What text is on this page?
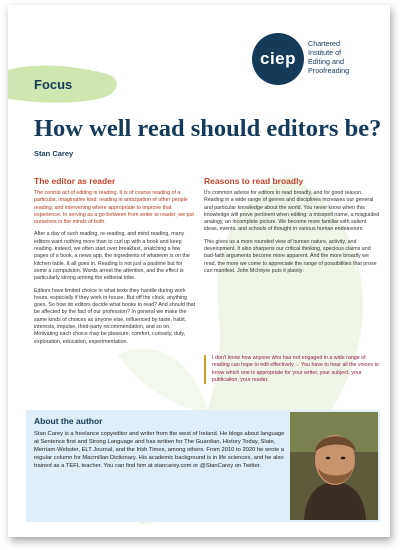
Focus
ciep
Chartered
Institute of
Editing and
Proofreading
How well read should editors be?
Stan Carey
The editor as reader

The central act of editing is reading. It is of course reading of a particular, imaginative kind: reading in anticipation of other people reading, and intervening where appropriate to improve that experience. In serving as a go-between from writer to reader, we put ourselves in the minds of both.

After a day of such reading, re-reading, and mind reading, many editors want nothing more than to curl up with a book and keep reading. Indeed, we often start over breakfast, snatching a few pages of a book, a news app, the ingredients of whatever is on the kitchen table. It all goes in. Reading is not just a pastime but for some a compulsion. Words arrest the attention, and the effect is particularly strong among the editorial tribe.

Editors have limited choice in what texts they handle during work hours, especially if they work in-house. But off the clock, anything goes. So how do editors decide what books to read? And should that be affected by the fact of our profession? In general we make the same kinds of choices as anyone else, influenced by taste, habit, interests, impulse, third-party recommendation, and so on. Motivating each choice may be pleasure, comfort, curiosity, duty, exploration, education, experimentation.

Reasons to read broadly

It's common advice for editors to read broadly, and for good reason. Reading in a wide range of genres and disciplines increases our general and particular knowledge about the world. You never know when this knowledge will prove pertinent when editing: a misspelt name, a misguided analogy, an incomplete picture. We become more familiar with salient ideas, events, and schools of thought in various human endeavours.

This gives us a more rounded view of human nature, activity, and development. It also sharpens our critical thinking, specious claims and bad-faith arguments become more apparent. And the more broadly we read, the more we come to appreciate the range of possibilities that prose can manifest. John McIntyre puts it plainly:

I don't know how anyone who has not engaged in a wide range of reading can hope to edit effectively ... You have to hear all the voices to know which one is appropriate for your writer, your subject, your publication, your reader.
About the author
Stan Carey is a freelance copyeditor and writer from the west of Ireland. He blogs about language at Sentence first and Strong Language and has written for The Guardian, History Today, Slate, Merriam-Webster, ELT Journal, and the Irish Times, among others. From 2010 to 2020 he wrote a regular column for Macmillan Dictionary. His academic background is in life sciences, and he also trained as a TEFL teacher. You can find him at stancarey.com or @StanCarey on Twitter.
